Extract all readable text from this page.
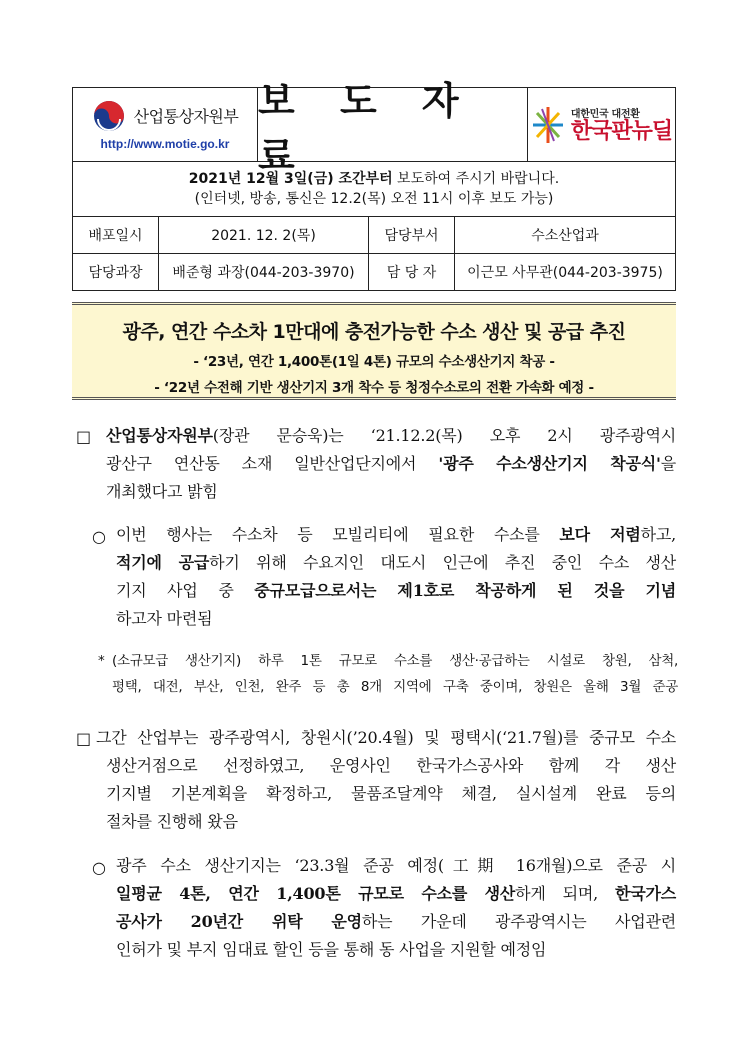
산업통상자원부
http://www.motie.go.kr
보 도 자 료
대한민국 대전환
한국판뉴딜
2021년 12월 3일(금) 조간부터 보도하여 주시기 바랍니다.
(인터넷, 방송, 통신은 12.2(목) 오전 11시 이후 보도 가능)
배포일시	2021. 12. 2(목)	담당부서	수소산업과
담당과장	배준형 과장(044-203-3970)	담 당 자	이근모 사무관(044-203-3975)
광주, 연간 수소차 1만대에 충전가능한 수소 생산 및 공급 추진
- ‘23년, 연간 1,400톤(1일 4톤) 규모의 수소생산기지 착공 -
- ‘22년 수전해 기반 생산기지 3개 착수 등 청정수소로의 전환 가속화 예정 -
□ 산업통상자원부(장관 문승욱)는 ‘21.12.2(목) 오후 2시 광주광역시
광산구 연산동 소재 일반산업단지에서 '광주 수소생산기지 착공식'을
개최했다고 밝힘
○ 이번 행사는 수소차 등 모빌리티에 필요한 수소를 보다 저렴하고,
적기에 공급하기 위해 수요지인 대도시 인근에 추진 중인 수소 생산
기지 사업 중 중규모급으로서는 제1호로 착공하게 된 것을 기념
하고자 마련됨
* (소규모급 생산기지) 하루 1톤 규모로 수소를 생산·공급하는 시설로 창원, 삼척,
평택, 대전, 부산, 인천, 완주 등 총 8개 지역에 구축 중이며, 창원은 올해 3월 준공
□ 그간 산업부는 광주광역시, 창원시(’20.4월) 및 평택시(‘21.7월)를 중규모 수소
생산거점으로 선정하였고, 운영사인 한국가스공사와 함께 각 생산
기지별 기본계획을 확정하고, 물품조달계약 체결, 실시설계 완료 등의
절차를 진행해 왔음
○ 광주 수소 생산기지는 ‘23.3월 준공 예정(工期 16개월)으로 준공 시
일평균 4톤, 연간 1,400톤 규모로 수소를 생산하게 되며, 한국가스
공사가 20년간 위탁 운영하는 가운데 광주광역시는 사업관련
인허가 및 부지 임대료 할인 등을 통해 동 사업을 지원할 예정임
